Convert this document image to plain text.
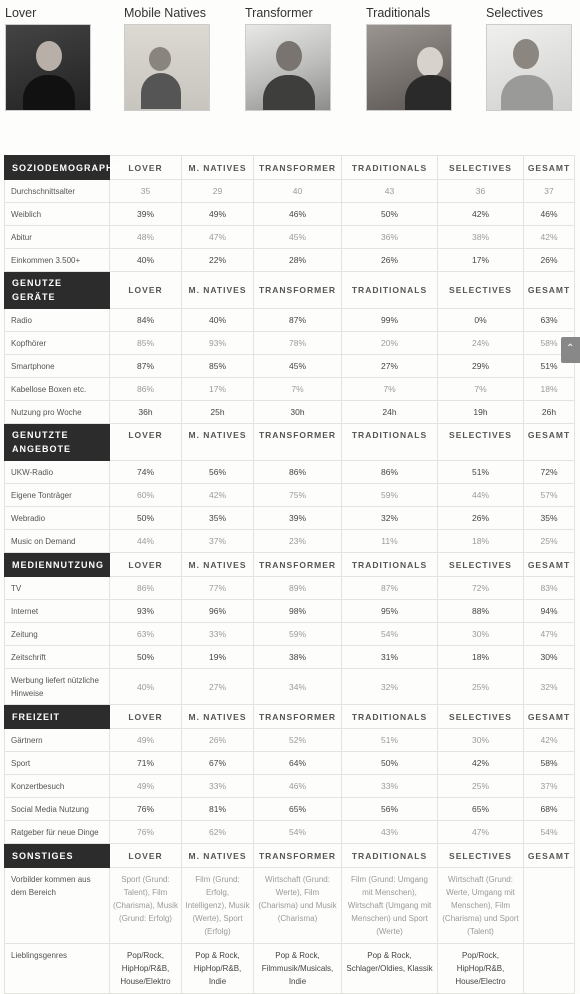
Lover	Mobile Natives	Transformer	Traditionals	Selectives
SOZIODEMOGRAPHIE	LOVER	M. NATIVES	TRANSFORMER	TRADITIONALS	SELECTIVES	GESAMT
Durchschnittsalter	35	29	40	43	36	37
Weiblich	39%	49%	46%	50%	42%	46%
Abitur	48%	47%	45%	36%	38%	42%
Einkommen 3.500+	40%	22%	28%	26%	17%	26%
GENUTZE GERÄTE	LOVER	M. NATIVES	TRANSFORMER	TRADITIONALS	SELECTIVES	GESAMT
Radio	84%	40%	87%	99%	0%	63%
Kopfhörer	85%	93%	78%	20%	24%	58%
Smartphone	87%	85%	45%	27%	29%	51%
Kabellose Boxen etc.	86%	17%	7%	7%	7%	18%
Nutzung pro Woche	36h	25h	30h	24h	19h	26h
GENUTZTE ANGEBOTE	LOVER	M. NATIVES	TRANSFORMER	TRADITIONALS	SELECTIVES	GESAMT
UKW-Radio	74%	56%	86%	86%	51%	72%
Eigene Tonträger	60%	42%	75%	59%	44%	57%
Webradio	50%	35%	39%	32%	26%	35%
Music on Demand	44%	37%	23%	11%	18%	25%
MEDIENNUTZUNG	LOVER	M. NATIVES	TRANSFORMER	TRADITIONALS	SELECTIVES	GESAMT
TV	86%	77%	89%	87%	72%	83%
Internet	93%	96%	98%	95%	88%	94%
Zeitung	63%	33%	59%	54%	30%	47%
Zeitschrift	50%	19%	38%	31%	18%	30%
Werbung liefert nützliche Hinweise	40%	27%	34%	32%	25%	32%
FREIZEIT	LOVER	M. NATIVES	TRANSFORMER	TRADITIONALS	SELECTIVES	GESAMT
Gärtnern	49%	26%	52%	51%	30%	42%
Sport	71%	67%	64%	50%	42%	58%
Konzertbesuch	49%	33%	46%	33%	25%	37%
Social Media Nutzung	76%	81%	65%	56%	65%	68%
Ratgeber für neue Dinge	76%	62%	54%	43%	47%	54%
SONSTIGES	LOVER	M. NATIVES	TRANSFORMER	TRADITIONALS	SELECTIVES	GESAMT
Vorbilder kommen aus dem Bereich	Sport (Grund: Talent), Film (Charisma), Musik (Grund: Erfolg)	Film (Grund: Erfolg, Intelligenz), Musik (Werte), Sport (Erfolg)	Wirtschaft (Grund: Werte), Film (Charisma) und Musik (Charisma)	Film (Grund: Umgang mit Menschen), Wirtschaft (Umgang mit Menschen) und Sport (Werte)	Wirtschaft (Grund: Werte, Umgang mit Menschen), Film (Charisma) und Sport (Talent)	
Lieblingsgenres	Pop/Rock, HipHop/R&B, House/Elektro	Pop & Rock, HipHop/R&B, Indie	Pop & Rock, Filmmusik/Musicals, Indie	Pop & Rock, Schlager/Oldies, Klassik	Pop/Rock, HipHop/R&B, House/Electro	
⌃
